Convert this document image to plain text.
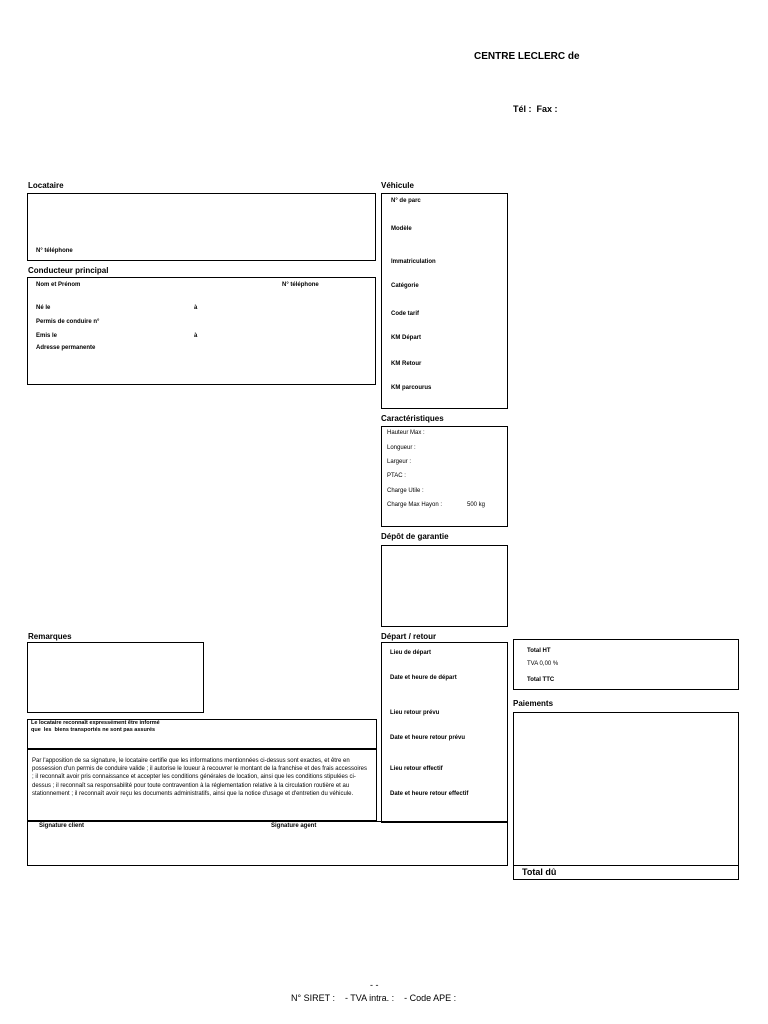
CENTRE LECLERC de
Tél :  Fax :
Locataire
N° téléphone
Conducteur principal
Nom et Prénom	N° téléphone
Né le	à
Permis de conduire n°
Emis le	à
Adresse permanente
Véhicule
N° de parc
Modèle
Immatriculation
Catégorie
Code tarif
KM Départ
KM Retour
KM parcourus
Caractéristiques
Hauteur Max :
Longueur :
Largeur :
PTAC :
Charge Utile :
Charge Max Hayon :	500 kg
Dépôt de garantie
Remarques
Le locataire reconnaît expressément être informé
que  les  biens transportés ne sont pas assurés
Par l'apposition de sa signature, le locataire certifie que les informations mentionnées ci-dessus sont exactes, et être en possession d'un permis de conduire valide ; il autorise le loueur à recouvrer le montant de la franchise et des frais accessoires ; il reconnaît avoir pris connaissance et accepter les conditions générales de location, ainsi que les conditions stipulées ci-dessus ; il reconnaît sa responsabilité pour toute contravention à la réglementation relative à la circulation routière et au stationnement ; il reconnaît avoir reçu les documents administratifs, ainsi que la notice d'usage et d'entretien du véhicule.
Signature client	Signature agent
Départ / retour
Lieu de départ
Date et heure de départ
Lieu retour prévu
Date et heure retour prévu
Lieu retour effectif
Date et heure retour effectif
Total HT
TVA 0,00 %
Total TTC
Paiements
Total dû
- -
N° SIRET :    - TVA intra. :    - Code APE :
